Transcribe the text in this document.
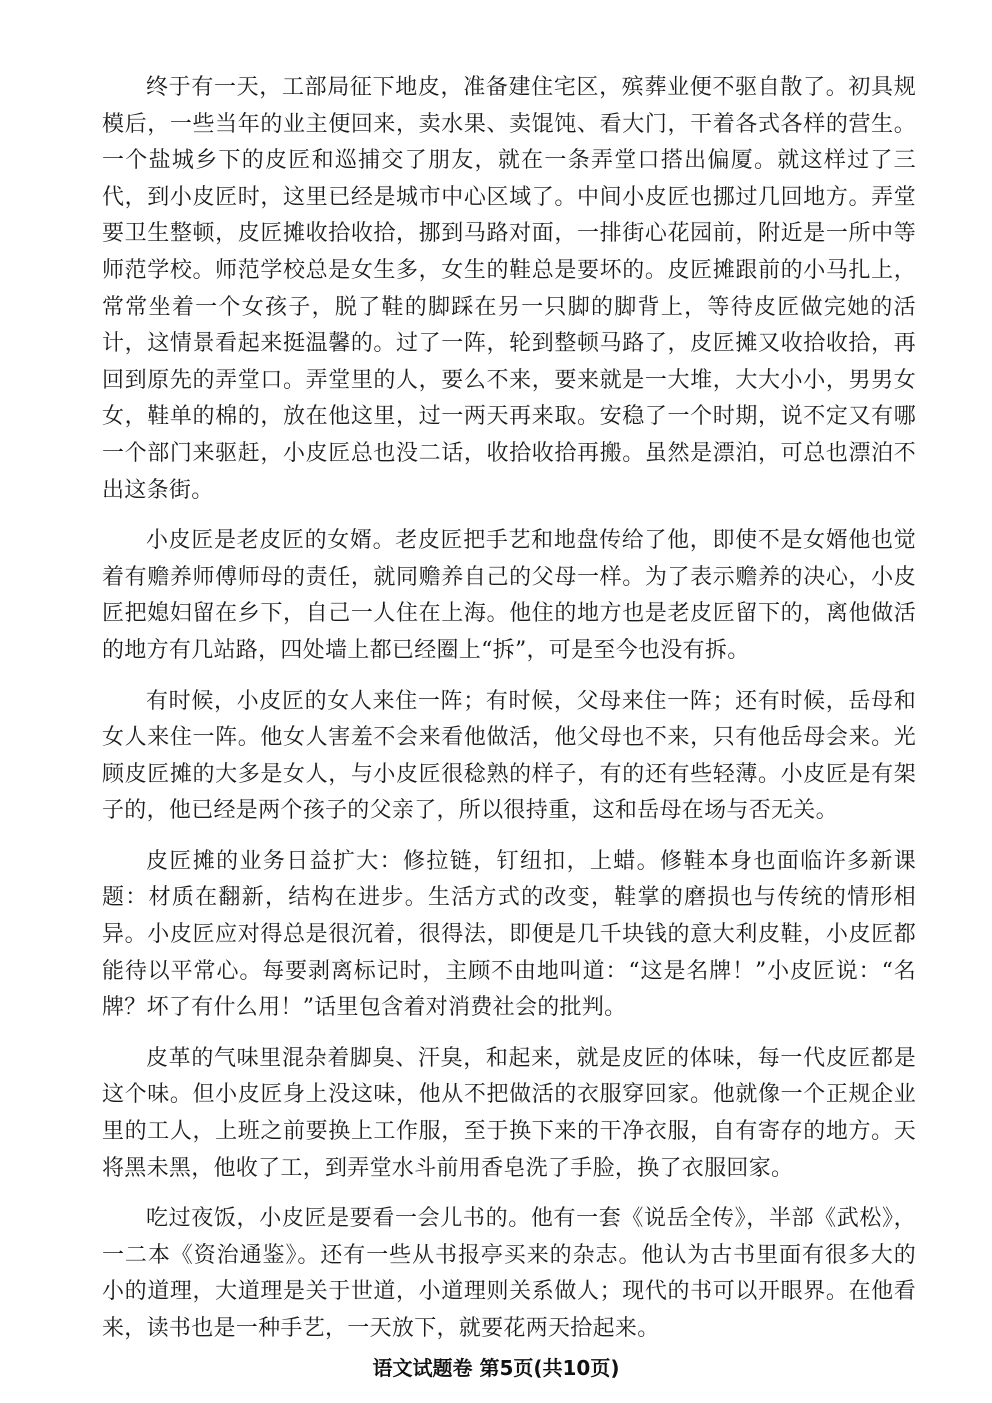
终于有一天，工部局征下地皮，准备建住宅区，殡葬业便不驱自散了。初具规模后，一些当年的业主便回来，卖水果、卖馄饨、看大门，干着各式各样的营生。一个盐城乡下的皮匠和巡捕交了朋友，就在一条弄堂口搭出偏厦。就这样过了三代，到小皮匠时，这里已经是城市中心区域了。中间小皮匠也挪过几回地方。弄堂要卫生整顿，皮匠摊收拾收拾，挪到马路对面，一排街心花园前，附近是一所中等师范学校。师范学校总是女生多，女生的鞋总是要坏的。皮匠摊跟前的小马扎上，常常坐着一个女孩子，脱了鞋的脚踩在另一只脚的脚背上，等待皮匠做完她的活计，这情景看起来挺温馨的。过了一阵，轮到整顿马路了，皮匠摊又收拾收拾，再回到原先的弄堂口。弄堂里的人，要么不来，要来就是一大堆，大大小小，男男女女，鞋单的棉的，放在他这里，过一两天再来取。安稳了一个时期，说不定又有哪一个部门来驱赶，小皮匠总也没二话，收拾收拾再搬。虽然是漂泊，可总也漂泊不出这条街。

小皮匠是老皮匠的女婿。老皮匠把手艺和地盘传给了他，即使不是女婿他也觉着有赡养师傅师母的责任，就同赡养自己的父母一样。为了表示赡养的决心，小皮匠把媳妇留在乡下，自己一人住在上海。他住的地方也是老皮匠留下的，离他做活的地方有几站路，四处墙上都已经圈上“拆”，可是至今也没有拆。

有时候，小皮匠的女人来住一阵；有时候，父母来住一阵；还有时候，岳母和女人来住一阵。他女人害羞不会来看他做活，他父母也不来，只有他岳母会来。光顾皮匠摊的大多是女人，与小皮匠很稔熟的样子，有的还有些轻薄。小皮匠是有架子的，他已经是两个孩子的父亲了，所以很持重，这和岳母在场与否无关。

皮匠摊的业务日益扩大：修拉链，钉纽扣，上蜡。修鞋本身也面临许多新课题：材质在翻新，结构在进步。生活方式的改变，鞋掌的磨损也与传统的情形相异。小皮匠应对得总是很沉着，很得法，即便是几千块钱的意大利皮鞋，小皮匠都能待以平常心。每要剥离标记时，主顾不由地叫道：“这是名牌！”小皮匠说：“名牌？坏了有什么用！”话里包含着对消费社会的批判。

皮革的气味里混杂着脚臭、汗臭，和起来，就是皮匠的体味，每一代皮匠都是这个味。但小皮匠身上没这味，他从不把做活的衣服穿回家。他就像一个正规企业里的工人，上班之前要换上工作服，至于换下来的干净衣服，自有寄存的地方。天将黑未黑，他收了工，到弄堂水斗前用香皂洗了手脸，换了衣服回家。

吃过夜饭，小皮匠是要看一会儿书的。他有一套《说岳全传》，半部《武松》，一二本《资治通鉴》。还有一些从书报亭买来的杂志。他认为古书里面有很多大的小的道理，大道理是关于世道，小道理则关系做人；现代的书可以开眼界。在他看来，读书也是一种手艺，一天放下，就要花两天拾起来。

语文试题卷 第5页(共10页)
